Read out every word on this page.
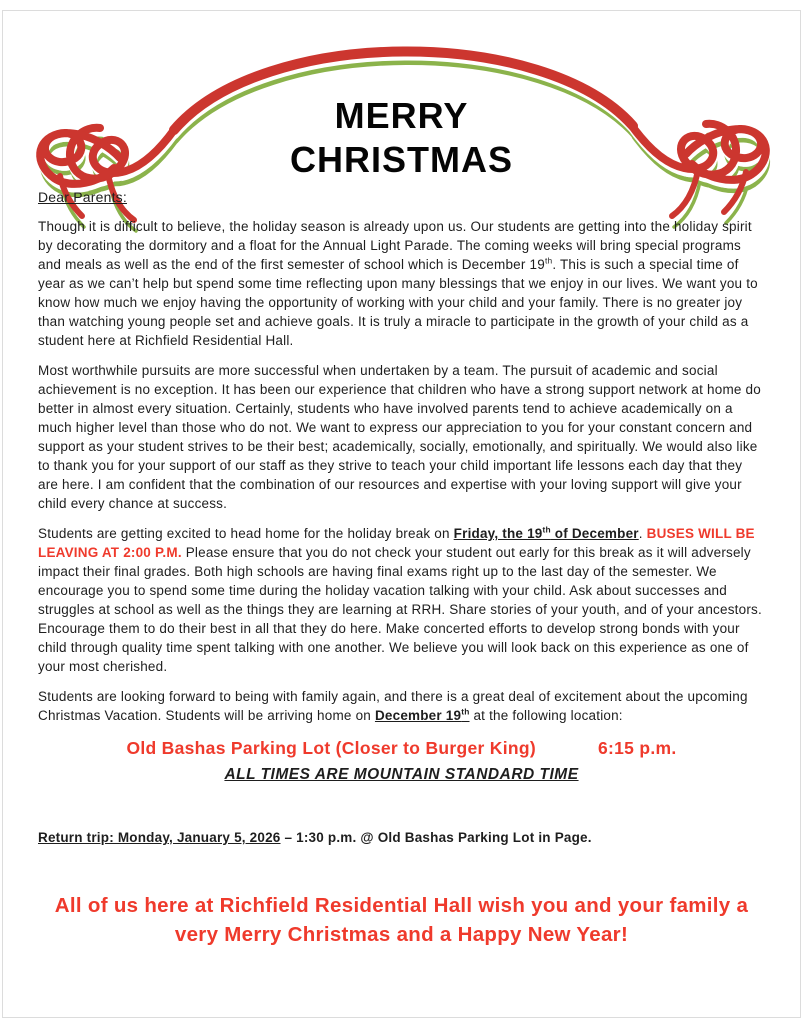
MERRY
CHRISTMAS

Dear Parents:

Though it is difficult to believe, the holiday season is already upon us. Our students are getting into the holiday spirit by decorating the dormitory and a float for the Annual Light Parade. The coming weeks will bring special programs and meals as well as the end of the first semester of school which is December 19th. This is such a special time of year as we can’t help but spend some time reflecting upon many blessings that we enjoy in our lives. We want you to know how much we enjoy having the opportunity of working with your child and your family. There is no greater joy than watching young people set and achieve goals. It is truly a miracle to participate in the growth of your child as a student here at Richfield Residential Hall.

Most worthwhile pursuits are more successful when undertaken by a team. The pursuit of academic and social achievement is no exception. It has been our experience that children who have a strong support network at home do better in almost every situation. Certainly, students who have involved parents tend to achieve academically on a much higher level than those who do not. We want to express our appreciation to you for your constant concern and support as your student strives to be their best; academically, socially, emotionally, and spiritually. We would also like to thank you for your support of our staff as they strive to teach your child important life lessons each day that they are here. I am confident that the combination of our resources and expertise with your loving support will give your child every chance at success.

Students are getting excited to head home for the holiday break on Friday, the 19th of December. BUSES WILL BE LEAVING AT 2:00 P.M. Please ensure that you do not check your student out early for this break as it will adversely impact their final grades. Both high schools are having final exams right up to the last day of the semester. We encourage you to spend some time during the holiday vacation talking with your child. Ask about successes and struggles at school as well as the things they are learning at RRH. Share stories of your youth, and of your ancestors. Encourage them to do their best in all that they do here. Make concerted efforts to develop strong bonds with your child through quality time spent talking with one another. We believe you will look back on this experience as one of your most cherished.

Students are looking forward to being with family again, and there is a great deal of excitement about the upcoming Christmas Vacation. Students will be arriving home on December 19th at the following location:

Old Bashas Parking Lot (Closer to Burger King)	6:15 p.m.

ALL TIMES ARE MOUNTAIN STANDARD TIME

Return trip: Monday, January 5, 2026 – 1:30 p.m. @ Old Bashas Parking Lot in Page.

All of us here at Richfield Residential Hall wish you and your family a very Merry Christmas and a Happy New Year!
